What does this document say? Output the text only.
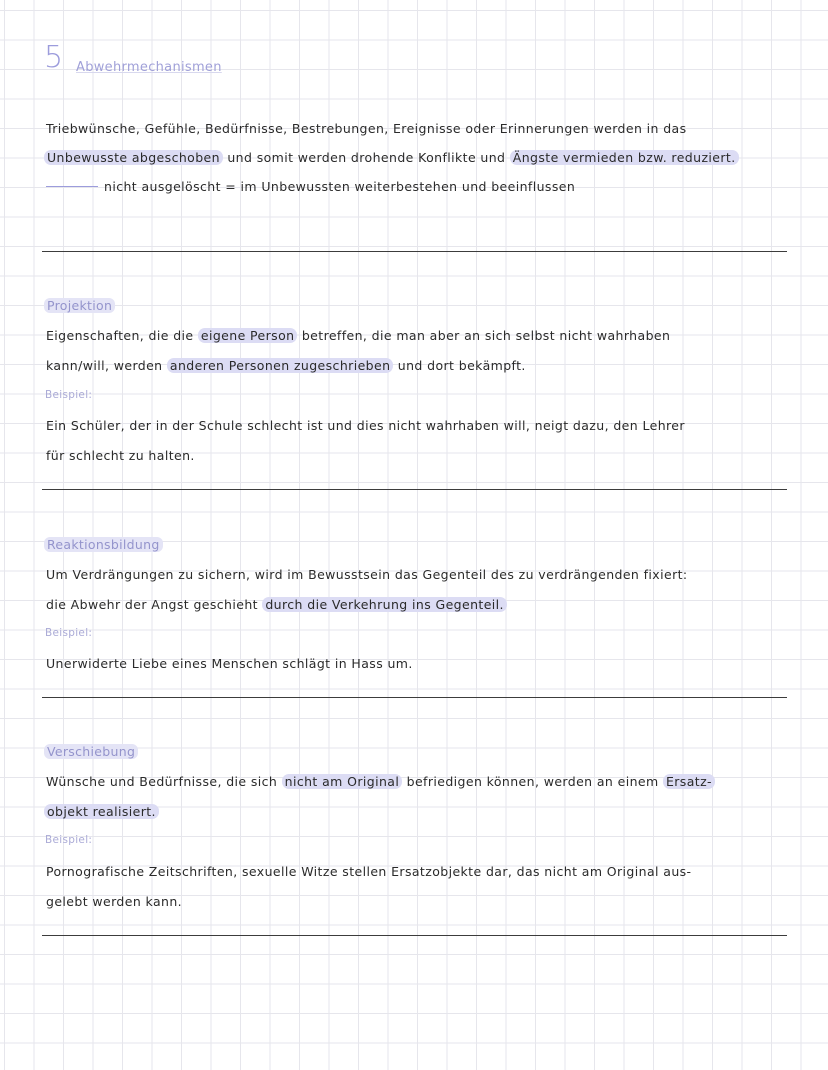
5 Abwehrmechanismen
Triebwünsche, Gefühle, Bedürfnisse, Bestrebungen, Ereignisse oder Erinnerungen werden in das
Unbewusste abgeschoben und somit werden drohende Konflikte und Ängste vermieden bzw. reduziert.
nicht ausgelöscht = im Unbewussten weiterbestehen und beeinflussen
Projektion
Eigenschaften, die die eigene Person betreffen, die man aber an sich selbst nicht wahrhaben
kann/will, werden anderen Personen zugeschrieben und dort bekämpft.
Beispiel:
Ein Schüler, der in der Schule schlecht ist und dies nicht wahrhaben will, neigt dazu, den Lehrer
für schlecht zu halten.
Reaktionsbildung
Um Verdrängungen zu sichern, wird im Bewusstsein das Gegenteil des zu verdrängenden fixiert:
die Abwehr der Angst geschieht durch die Verkehrung ins Gegenteil.
Beispiel:
Unerwiderte Liebe eines Menschen schlägt in Hass um.
Verschiebung
Wünsche und Bedürfnisse, die sich nicht am Original befriedigen können, werden an einem Ersatz-
objekt realisiert.
Beispiel:
Pornografische Zeitschriften, sexuelle Witze stellen Ersatzobjekte dar, das nicht am Original aus-
gelebt werden kann.
